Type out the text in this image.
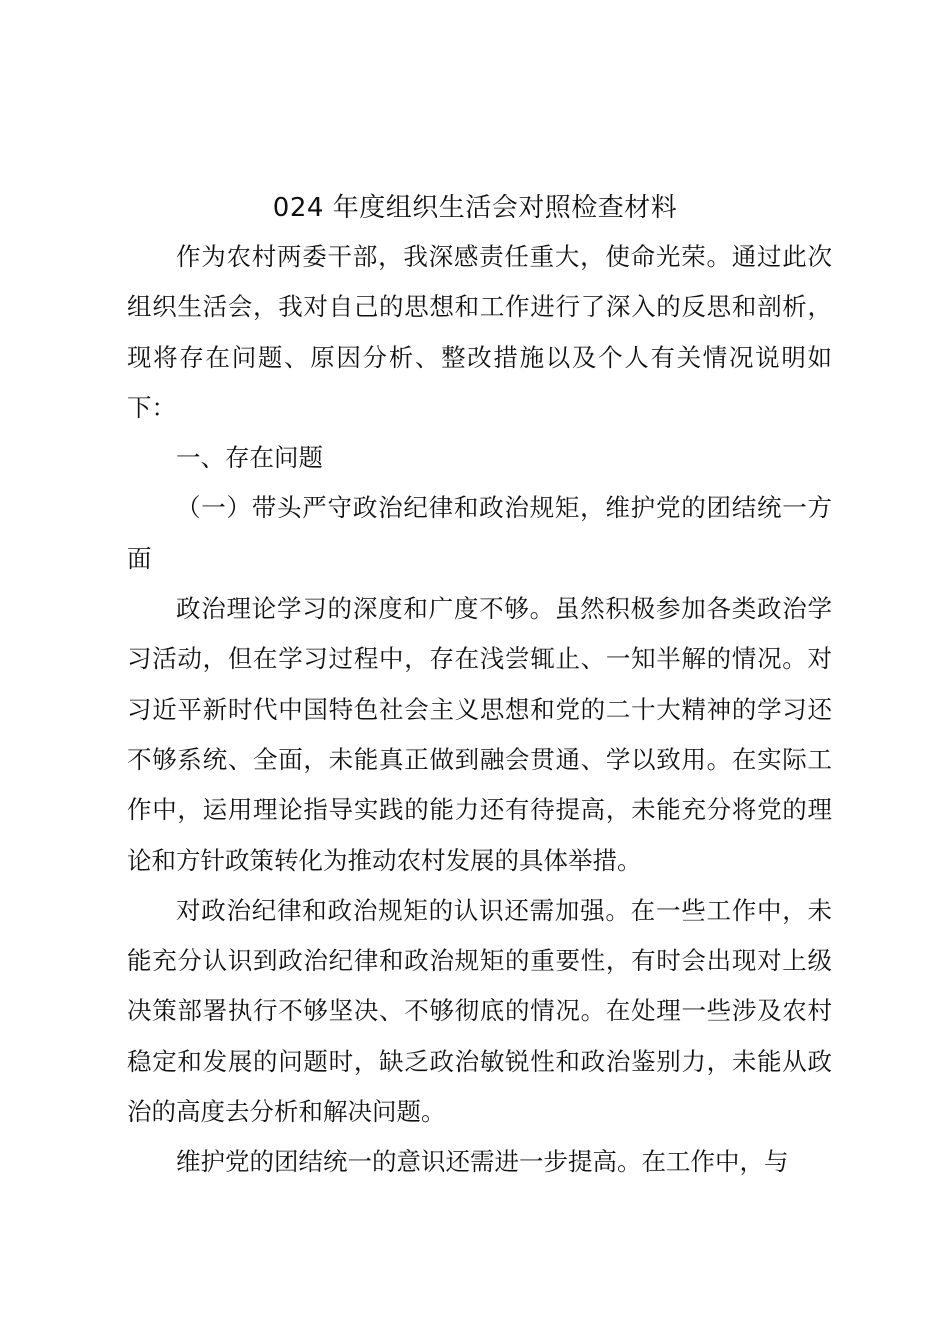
024 年度组织生活会对照检查材料

作为农村两委干部，我深感责任重大，使命光荣。通过此次组织生活会，我对自己的思想和工作进行了深入的反思和剖析，现将存在问题、原因分析、整改措施以及个人有关情况说明如下：

一、存在问题

（一）带头严守政治纪律和政治规矩，维护党的团结统一方面

政治理论学习的深度和广度不够。虽然积极参加各类政治学习活动，但在学习过程中，存在浅尝辄止、一知半解的情况。对习近平新时代中国特色社会主义思想和党的二十大精神的学习还不够系统、全面，未能真正做到融会贯通、学以致用。在实际工作中，运用理论指导实践的能力还有待提高，未能充分将党的理论和方针政策转化为推动农村发展的具体举措。

对政治纪律和政治规矩的认识还需加强。在一些工作中，未能充分认识到政治纪律和政治规矩的重要性，有时会出现对上级决策部署执行不够坚决、不够彻底的情况。在处理一些涉及农村稳定和发展的问题时，缺乏政治敏锐性和政治鉴别力，未能从政治的高度去分析和解决问题。

维护党的团结统一的意识还需进一步提高。在工作中，与
